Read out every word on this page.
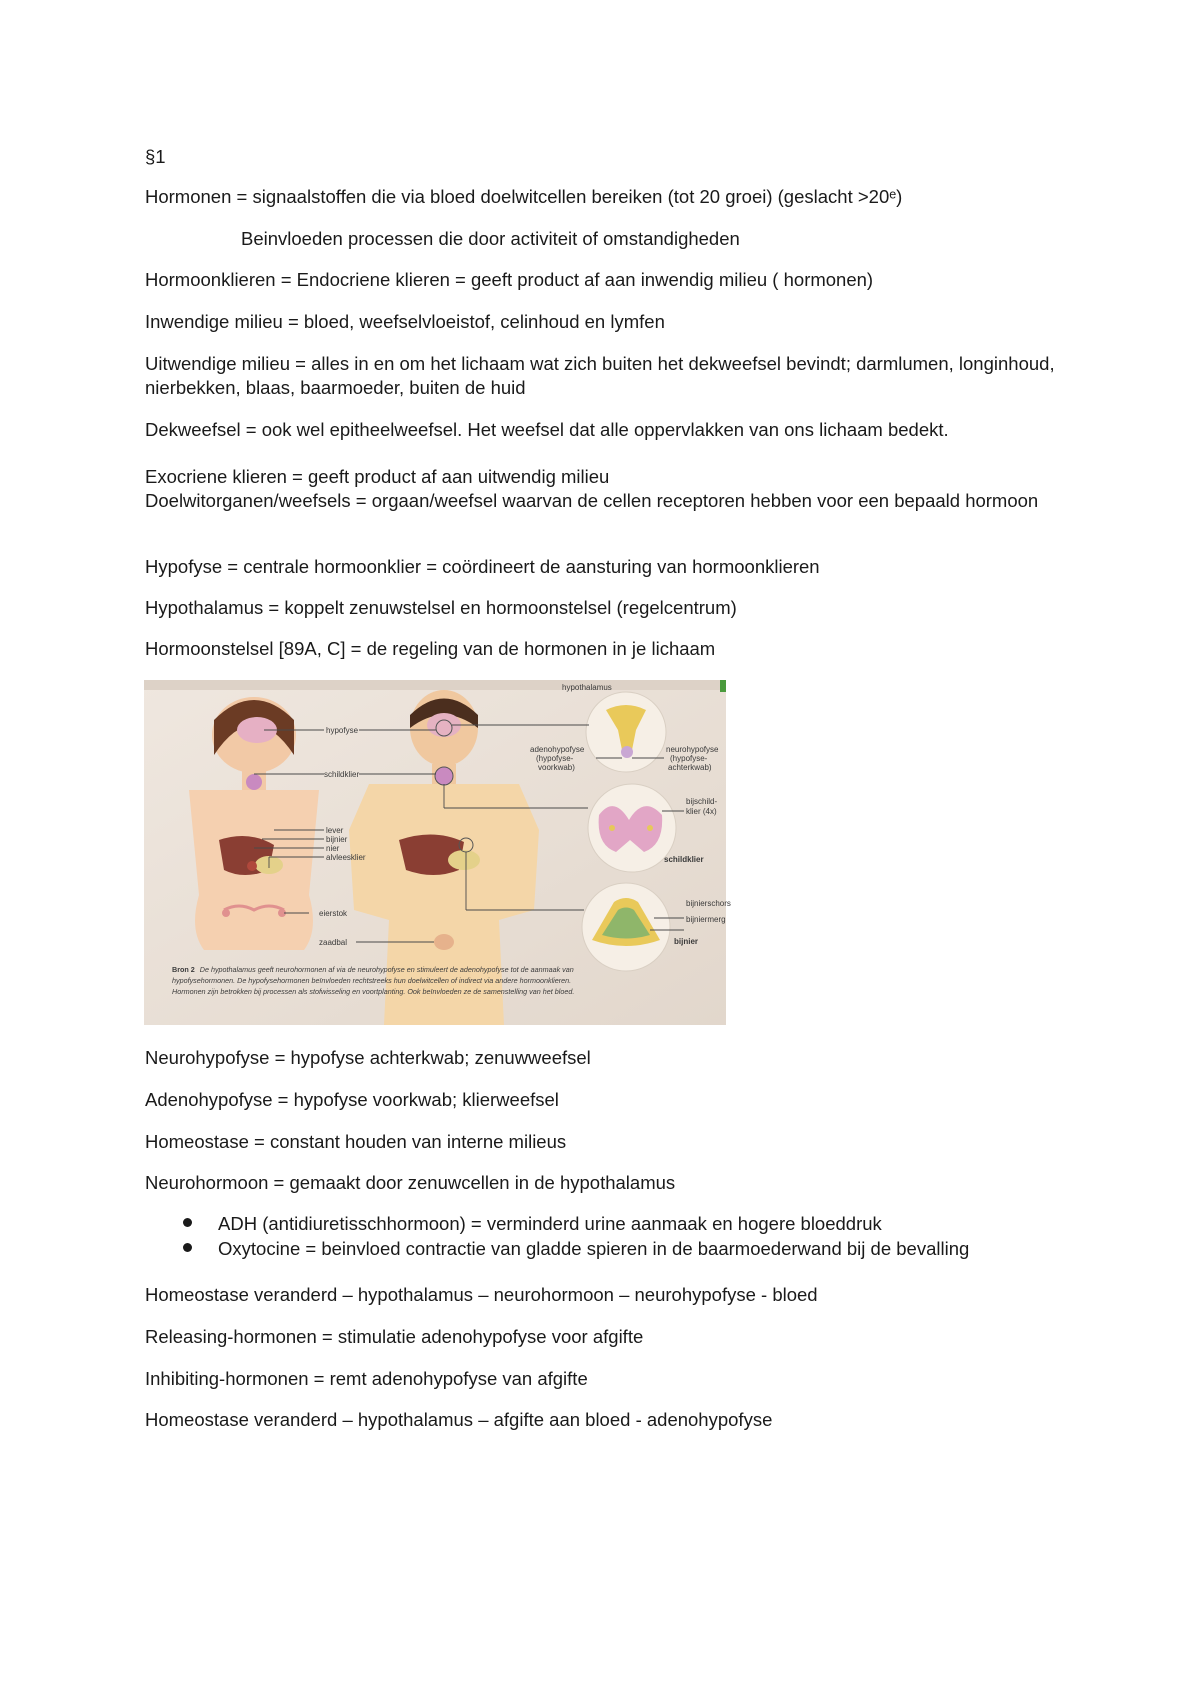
§1
Hormonen = signaalstoffen die via bloed doelwitcellen bereiken (tot 20 groei) (geslacht >20ᵉ)
Beinvloeden processen die door activiteit of omstandigheden
Hormoonklieren = Endocriene klieren = geeft product af aan inwendig milieu ( hormonen)
Inwendige milieu = bloed, weefselvloeistof, celinhoud en lymfen
Uitwendige milieu = alles in en om het lichaam wat zich buiten het dekweefsel bevindt; darmlumen, longinhoud, nierbekken, blaas, baarmoeder, buiten de huid
Dekweefsel = ook wel epitheelweefsel. Het weefsel dat alle oppervlakken van ons lichaam bedekt.
Exocriene klieren = geeft product af aan uitwendig milieu
Doelwitorganen/weefsels = orgaan/weefsel waarvan de cellen receptoren hebben voor een bepaald hormoon
Hypofyse = centrale hormoonklier = coördineert de aansturing van hormoonklieren
Hypothalamus = koppelt zenuwstelsel en hormoonstelsel (regelcentrum)
Hormoonstelsel [89A, C] = de regeling van de hormonen in je lichaam
hypothalamus
hypofyse
schildklier
adenohypofyse
(hypofyse-
voorkwab)
neurohypofyse
(hypofyse-
achterkwab)
bijschild-
klier (4x)
schildklier
lever
bijnier
nier
alvleesklier
eierstok
zaadbal
bijnierschors
bijniermerg
bijnier
Bron 2 De hypothalamus geeft neurohormonen af via de neurohypofyse en stimuleert de adenohypofyse tot de aanmaak van
hypofysehormonen. De hypofysehormonen beïnvloeden rechtstreeks hun doelwitcellen of indirect via andere hormoonklieren.
Hormonen zijn betrokken bij processen als stofwisseling en voortplanting. Ook beïnvloeden ze de samenstelling van het bloed.
Neurohypofyse = hypofyse achterkwab; zenuwweefsel
Adenohypofyse = hypofyse voorkwab; klierweefsel
Homeostase = constant houden van interne milieus
Neurohormoon = gemaakt door zenuwcellen in de hypothalamus
ADH (antidiuretisschhormoon) = verminderd urine aanmaak en hogere bloeddruk
Oxytocine = beinvloed contractie van gladde spieren in de baarmoederwand bij de bevalling
Homeostase veranderd – hypothalamus – neurohormoon – neurohypofyse - bloed
Releasing-hormonen = stimulatie adenohypofyse voor afgifte
Inhibiting-hormonen = remt adenohypofyse van afgifte
Homeostase veranderd – hypothalamus – afgifte aan bloed - adenohypofyse
